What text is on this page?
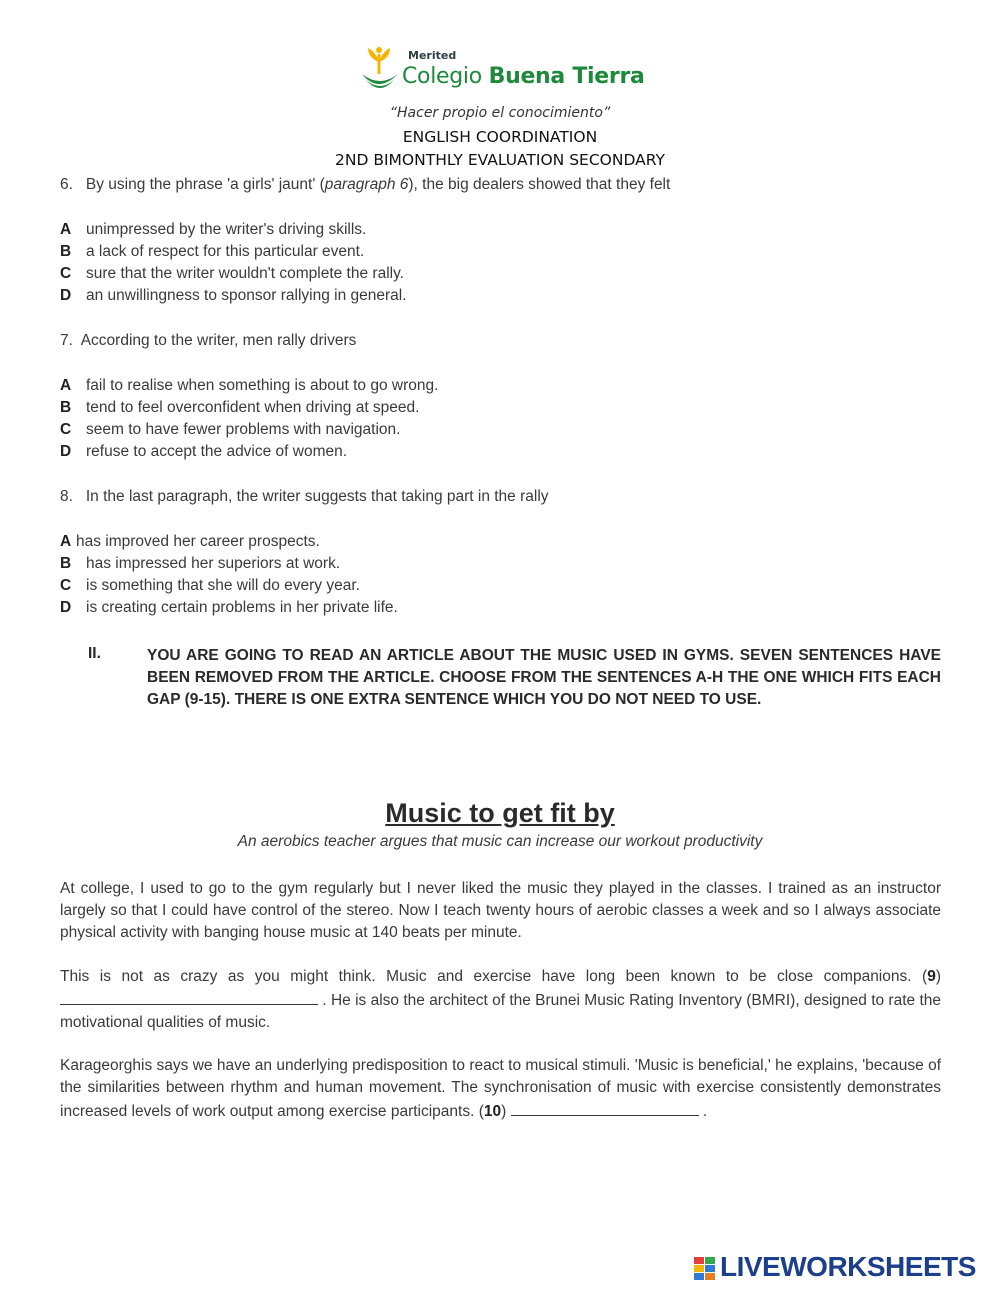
Merited
Colegio Buena Tierra
“Hacer propio el conocimiento”
ENGLISH COORDINATION
2ND BIMONTHLY EVALUATION SECONDARY
6. By using the phrase 'a girls' jaunt' (paragraph 6), the big dealers showed that they felt
A unimpressed by the writer's driving skills.
B a lack of respect for this particular event.
C sure that the writer wouldn't complete the rally.
D an unwillingness to sponsor rallying in general.
7. According to the writer, men rally drivers
A fail to realise when something is about to go wrong.
B tend to feel overconfident when driving at speed.
C seem to have fewer problems with navigation.
D refuse to accept the advice of women.
8. In the last paragraph, the writer suggests that taking part in the rally
A has improved her career prospects.
B has impressed her superiors at work.
C is something that she will do every year.
D is creating certain problems in her private life.
II.	YOU ARE GOING TO READ AN ARTICLE ABOUT THE MUSIC USED IN GYMS. SEVEN SENTENCES HAVE BEEN REMOVED FROM THE ARTICLE. CHOOSE FROM THE SENTENCES A-H THE ONE WHICH FITS EACH GAP (9-15). THERE IS ONE EXTRA SENTENCE WHICH YOU DO NOT NEED TO USE.
Music to get fit by
An aerobics teacher argues that music can increase our workout productivity
At college, I used to go to the gym regularly but I never liked the music they played in the classes. I trained as an instructor largely so that I could have control of the stereo. Now I teach twenty hours of aerobic classes a week and so I always associate physical activity with banging house music at 140 beats per minute.
This is not as crazy as you might think. Music and exercise have long been known to be close companions. (9)  . He is also the architect of the Brunei Music Rating Inventory (BMRI), designed to rate the motivational qualities of music.
Karageorghis says we have an underlying predisposition to react to musical stimuli. 'Music is beneficial,' he explains, 'because of the similarities between rhythm and human movement. The synchronisation of music with exercise consistently demonstrates increased levels of work output among exercise participants. (10)	.
LIVEWORKSHEETS
